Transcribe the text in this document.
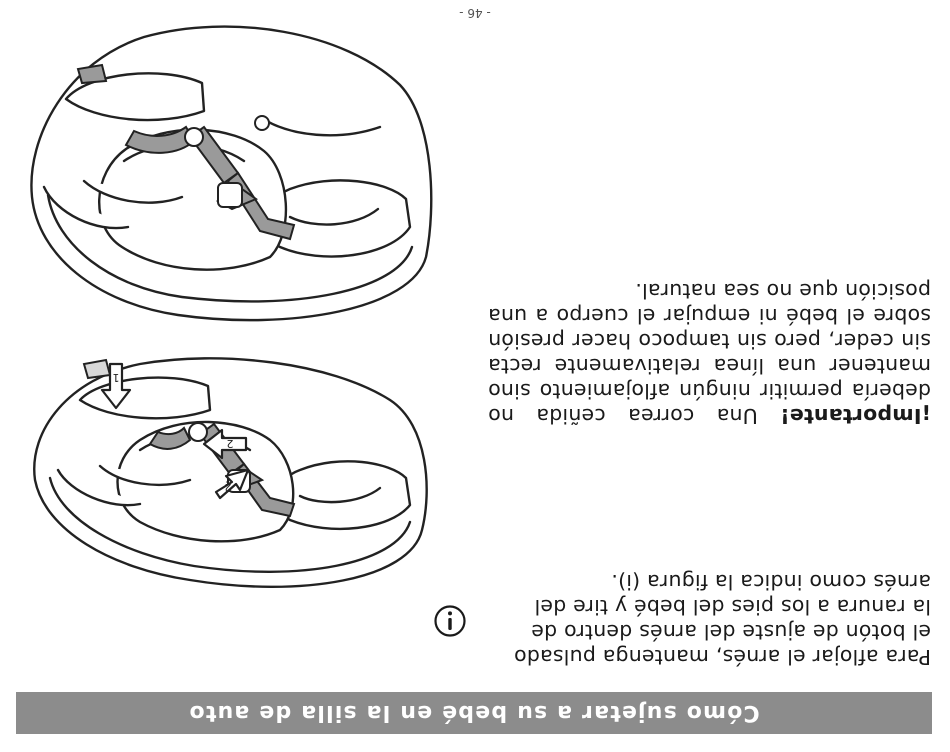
Cómo sujetar a su bebé en la silla de auto

Para aflojar el arnés, mantenga pulsado el botón de ajuste del arnés dentro de la ranura a los pies del bebé y tire del arnés como indica la figura (i).

1
2
2

¡Importante! Una correa ceñida no debería permitir ningún aflojamiento sino mantener una línea relativamente recta sin ceder, pero sin tampoco hacer presión sobre el bebé ni empujar el cuerpo a una posición que no sea natural.

- 46 -
